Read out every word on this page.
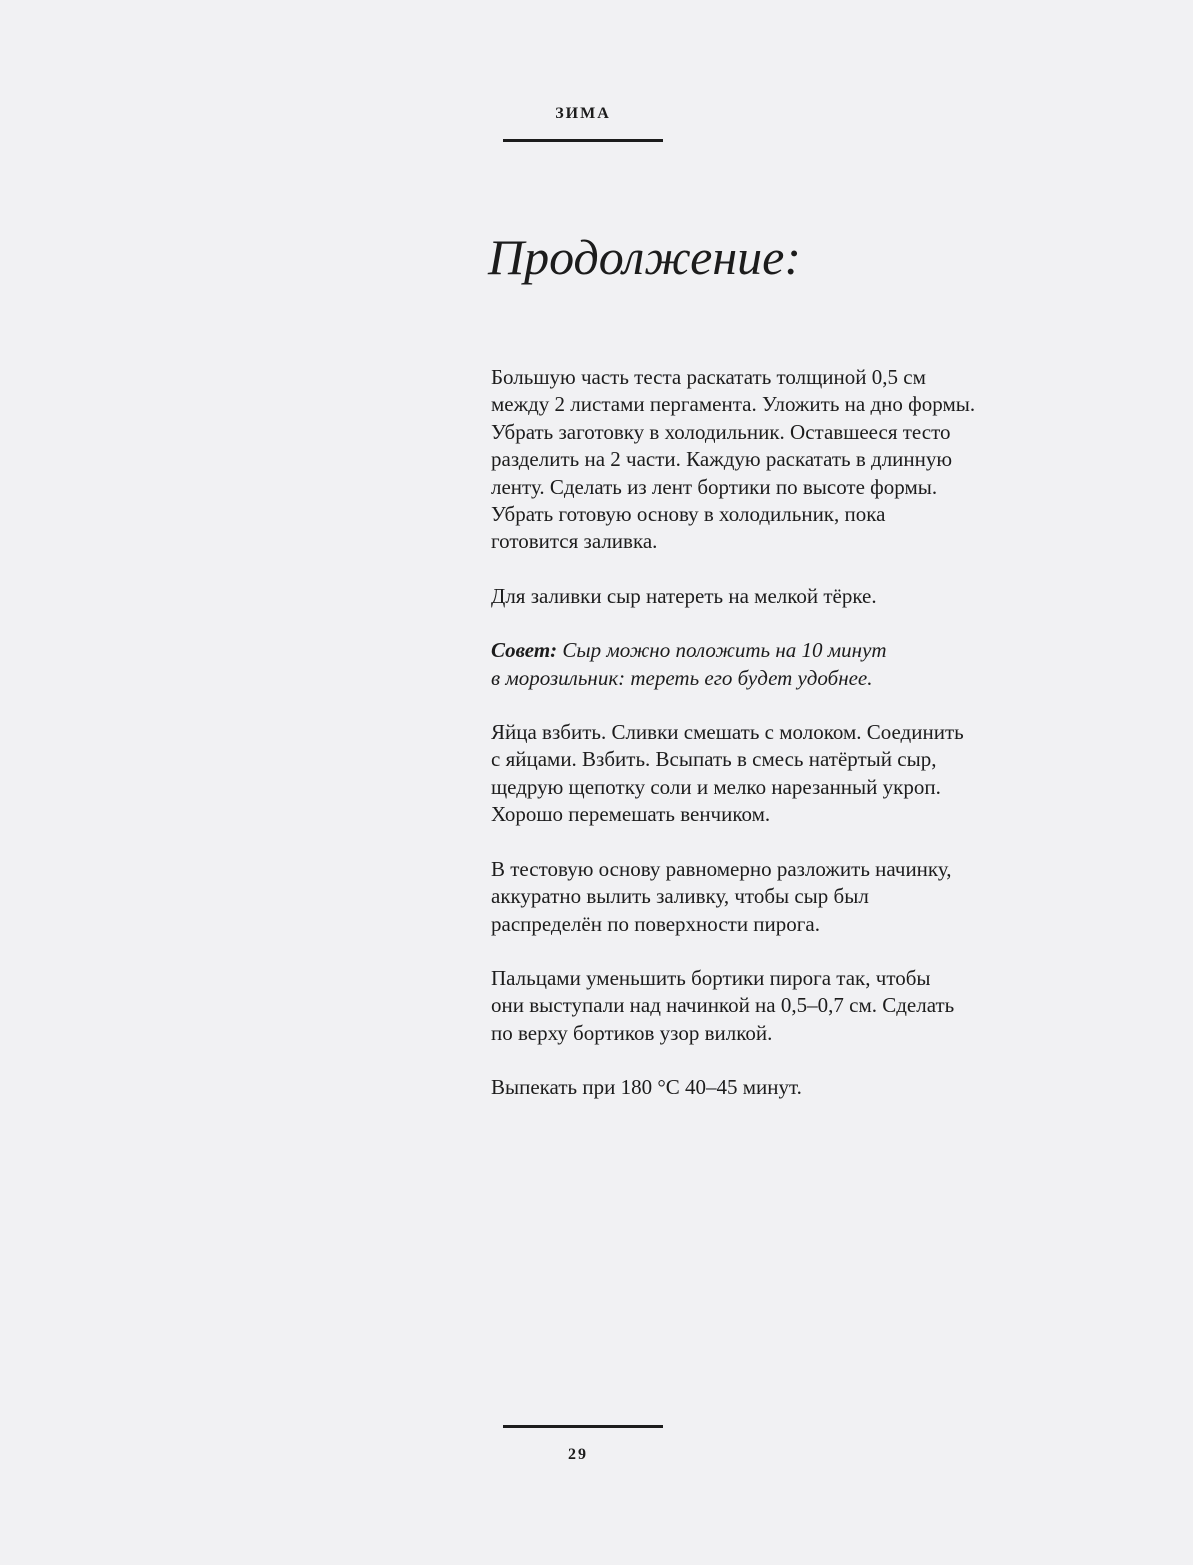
ЗИМА
Продолжение:

Большую часть теста раскатать толщиной 0,5 см
между 2 листами пергамента. Уложить на дно формы.
Убрать заготовку в холодильник. Оставшееся тесто
разделить на 2 части. Каждую раскатать в длинную
ленту. Сделать из лент бортики по высоте формы.
Убрать готовую основу в холодильник, пока
готовится заливка.

Для заливки сыр натереть на мелкой тёрке.

Совет: Сыр можно положить на 10 минут
в морозильник: тереть его будет удобнее.

Яйца взбить. Сливки смешать с молоком. Соединить
с яйцами. Взбить. Всыпать в смесь натёртый сыр,
щедрую щепотку соли и мелко нарезанный укроп.
Хорошо перемешать венчиком.

В тестовую основу равномерно разложить начинку,
аккуратно вылить заливку, чтобы сыр был
распределён по поверхности пирога.

Пальцами уменьшить бортики пирога так, чтобы
они выступали над начинкой на 0,5–0,7 см. Сделать
по верху бортиков узор вилкой.

Выпекать при 180 °C 40–45 минут.

29
